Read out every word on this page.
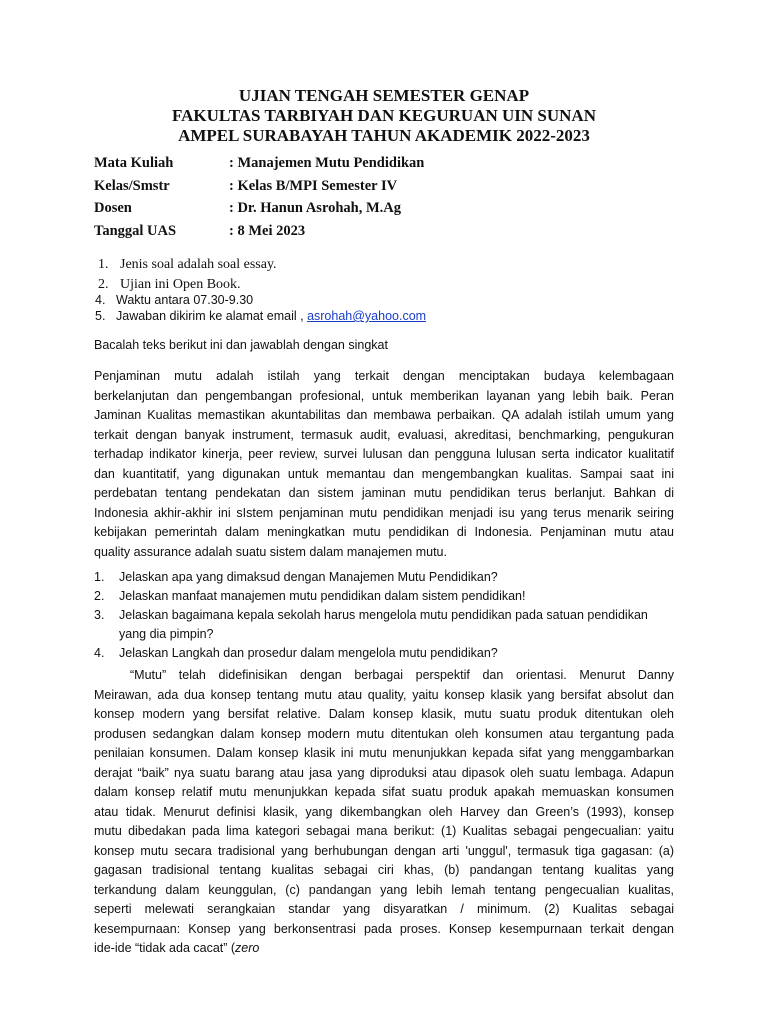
UJIAN TENGAH SEMESTER GENAP
FAKULTAS TARBIYAH DAN KEGURUAN UIN SUNAN
AMPEL SURABAYAH TAHUN AKADEMIK 2022-2023
Mata Kuliah	: Manajemen Mutu Pendidikan
Kelas/Smstr	: Kelas B/MPI Semester IV
Dosen	: Dr. Hanun Asrohah, M.Ag
Tanggal UAS	: 8 Mei 2023
1. Jenis soal adalah soal essay.
2. Ujian ini Open Book.
4. Waktu antara 07.30-9.30
5. Jawaban dikirim ke alamat email ,
asrohah@yahoo.com
Bacalah teks berikut ini dan jawablah dengan singkat
Penjaminan mutu adalah istilah yang terkait dengan menciptakan budaya kelembagaan
berkelanjutan dan pengembangan profesional, untuk memberikan layanan yang lebih baik. Peran
Jaminan Kualitas memastikan akuntabilitas dan membawa perbaikan. QA adalah istilah umum yang
terkait dengan banyak instrument, termasuk audit, evaluasi, akreditasi, benchmarking, pengukuran
terhadap indikator kinerja, peer review, survei lulusan dan pengguna lulusan serta indicator kualitatif
dan kuantitatif, yang digunakan untuk memantau dan mengembangkan kualitas. Sampai saat ini
perdebatan tentang pendekatan dan sistem jaminan mutu pendidikan terus berlanjut. Bahkan di
Indonesia akhir-akhir ini sIstem penjaminan mutu pendidikan menjadi isu yang terus menarik seiring
kebijakan pemerintah dalam meningkatkan mutu pendidikan di Indonesia. Penjaminan mutu atau
quality assurance adalah suatu sistem dalam manajemen mutu.
1.	Jelaskan apa yang dimaksud dengan Manajemen Mutu Pendidikan?
2.	Jelaskan manfaat manajemen mutu pendidikan dalam sistem pendidikan!
3.	Jelaskan bagaimana kepala sekolah harus mengelola mutu pendidikan pada satuan pendidikan yang dia pimpin?
4.	Jelaskan Langkah dan prosedur dalam mengelola mutu pendidikan?
“Mutu” telah didefinisikan dengan berbagai perspektif dan orientasi. Menurut Danny
Meirawan, ada dua konsep tentang mutu atau quality, yaitu konsep klasik yang bersifat absolut dan
konsep modern yang bersifat relative. Dalam konsep klasik, mutu suatu produk ditentukan oleh
produsen sedangkan dalam konsep modern mutu ditentukan oleh konsumen atau tergantung pada
penilaian konsumen. Dalam konsep klasik ini mutu menunjukkan kepada sifat yang menggambarkan
derajat “baik” nya suatu barang atau jasa yang diproduksi atau dipasok oleh suatu lembaga. Adapun
dalam konsep relatif mutu menunjukkan kepada sifat suatu produk apakah memuaskan konsumen
atau tidak. Menurut definisi klasik, yang dikembangkan oleh Harvey dan Green’s (1993), konsep
mutu dibedakan pada lima kategori sebagai mana berikut: (1) Kualitas sebagai pengecualian: yaitu
konsep mutu secara tradisional yang berhubungan dengan arti 'unggul', termasuk tiga gagasan: (a)
gagasan tradisional tentang kualitas sebagai ciri khas, (b) pandangan tentang kualitas yang
terkandung dalam keunggulan, (c) pandangan yang lebih lemah tentang pengecualian kualitas,
seperti melewati serangkaian standar yang disyaratkan / minimum. (2) Kualitas sebagai
kesempurnaan: Konsep yang berkonsentrasi pada proses. Konsep kesempurnaan terkait dengan
ide-ide “tidak ada cacat” (zero
